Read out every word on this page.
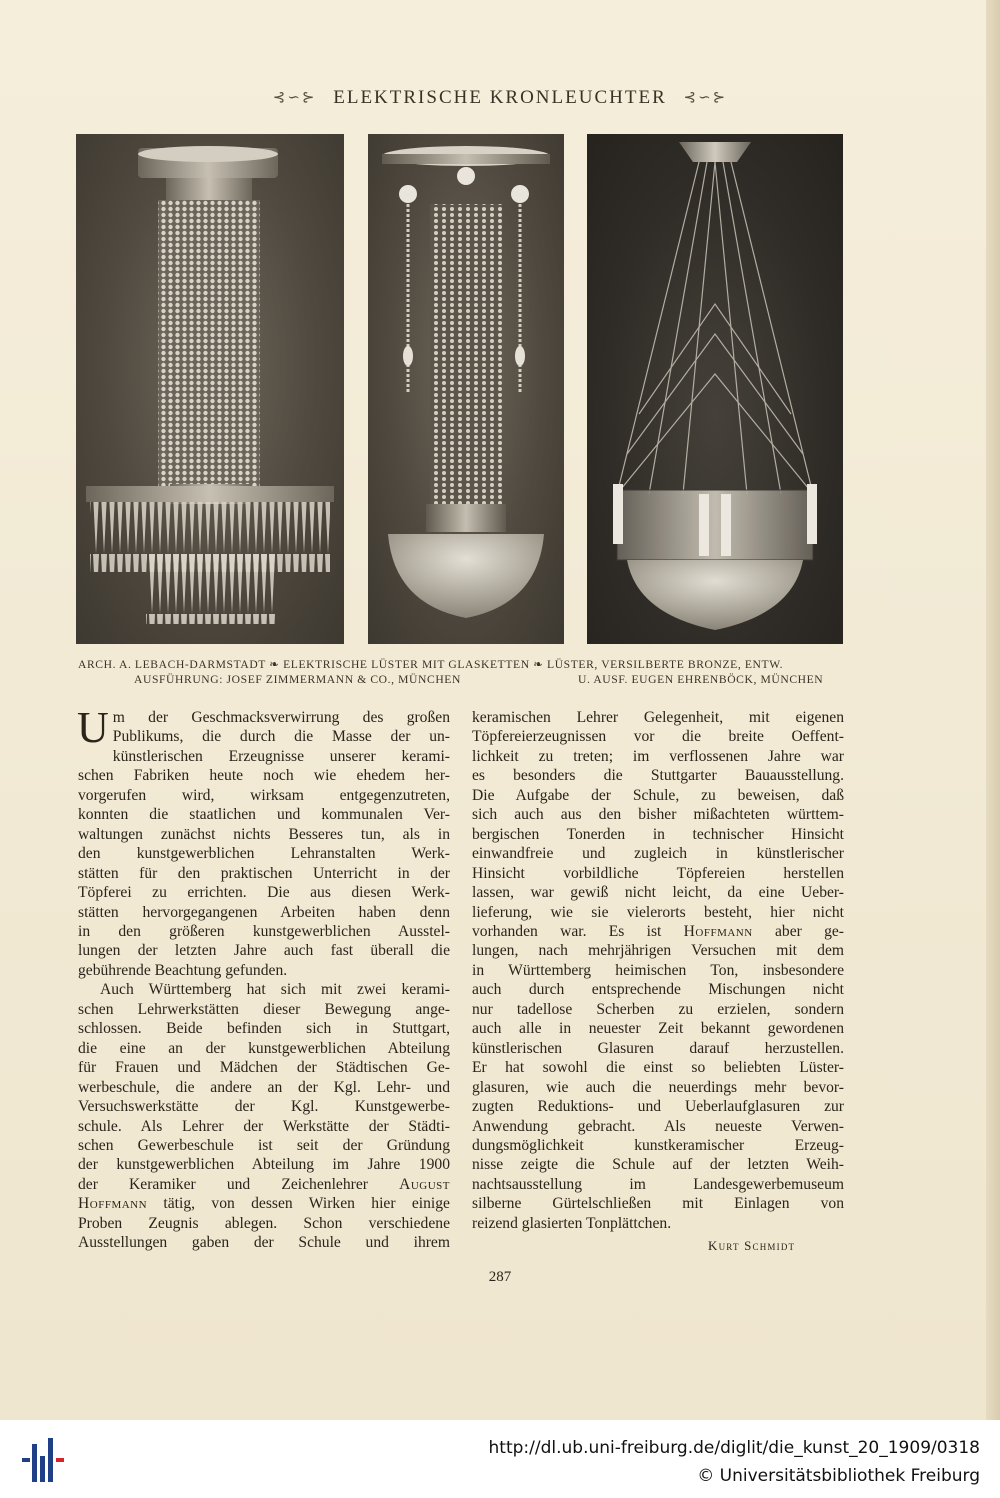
⊰∽⊱ ELEKTRISCHE KRONLEUCHTER ⊰∽⊱
ARCH. A. LEBACH-DARMSTADT ❧ ELEKTRISCHE LÜSTER MIT GLASKETTEN ❧ LÜSTER, VERSILBERTE BRONZE, ENTW.
AUSFÜHRUNG: JOSEF ZIMMERMANN & CO., MÜNCHEN	U. AUSF. EUGEN EHRENBÖCK, MÜNCHEN
U m der Geschmacksverwirrung des großen
Publikums, die durch die Masse der un-
künstlerischen Erzeugnisse unserer kerami-
schen Fabriken heute noch wie ehedem her-
vorgerufen wird, wirksam entgegenzutreten,
konnten die staatlichen und kommunalen Ver-
waltungen zunächst nichts Besseres tun, als in
den kunstgewerblichen Lehranstalten Werk-
stätten für den praktischen Unterricht in der
Töpferei zu errichten. Die aus diesen Werk-
stätten hervorgegangenen Arbeiten haben denn
in den größeren kunstgewerblichen Ausstel-
lungen der letzten Jahre auch fast überall die
gebührende Beachtung gefunden.
Auch Württemberg hat sich mit zwei kerami-
schen Lehrwerkstätten dieser Bewegung ange-
schlossen. Beide befinden sich in Stuttgart,
die eine an der kunstgewerblichen Abteilung
für Frauen und Mädchen der Städtischen Ge-
werbeschule, die andere an der Kgl. Lehr- und
Versuchswerkstätte der Kgl. Kunstgewerbe-
schule. Als Lehrer der Werkstätte der Städti-
schen Gewerbeschule ist seit der Gründung
der kunstgewerblichen Abteilung im Jahre 1900
der Keramiker und Zeichenlehrer August
Hoffmann tätig, von dessen Wirken hier einige
Proben Zeugnis ablegen. Schon verschiedene
Ausstellungen gaben der Schule und ihrem
keramischen Lehrer Gelegenheit, mit eigenen
Töpfereierzeugnissen vor die breite Oeffent-
lichkeit zu treten; im verflossenen Jahre war
es besonders die Stuttgarter Bauausstellung.
Die Aufgabe der Schule, zu beweisen, daß
sich auch aus den bisher mißachteten württem-
bergischen Tonerden in technischer Hinsicht
einwandfreie und zugleich in künstlerischer
Hinsicht vorbildliche Töpfereien herstellen
lassen, war gewiß nicht leicht, da eine Ueber-
lieferung, wie sie vielerorts besteht, hier nicht
vorhanden war. Es ist Hoffmann aber ge-
lungen, nach mehrjährigen Versuchen mit dem
in Württemberg heimischen Ton, insbesondere
auch durch entsprechende Mischungen nicht
nur tadellose Scherben zu erzielen, sondern
auch alle in neuester Zeit bekannt gewordenen
künstlerischen Glasuren darauf herzustellen.
Er hat sowohl die einst so beliebten Lüster-
glasuren, wie auch die neuerdings mehr bevor-
zugten Reduktions- und Ueberlaufglasuren zur
Anwendung gebracht. Als neueste Verwen-
dungsmöglichkeit kunstkeramischer Erzeug-
nisse zeigte die Schule auf der letzten Weih-
nachtsausstellung im Landesgewerbemuseum
silberne Gürtelschließen mit Einlagen von
reizend glasierten Tonplättchen.
Kurt Schmidt
287
http://dl.ub.uni-freiburg.de/diglit/die_kunst_20_1909/0318
© Universitätsbibliothek Freiburg
